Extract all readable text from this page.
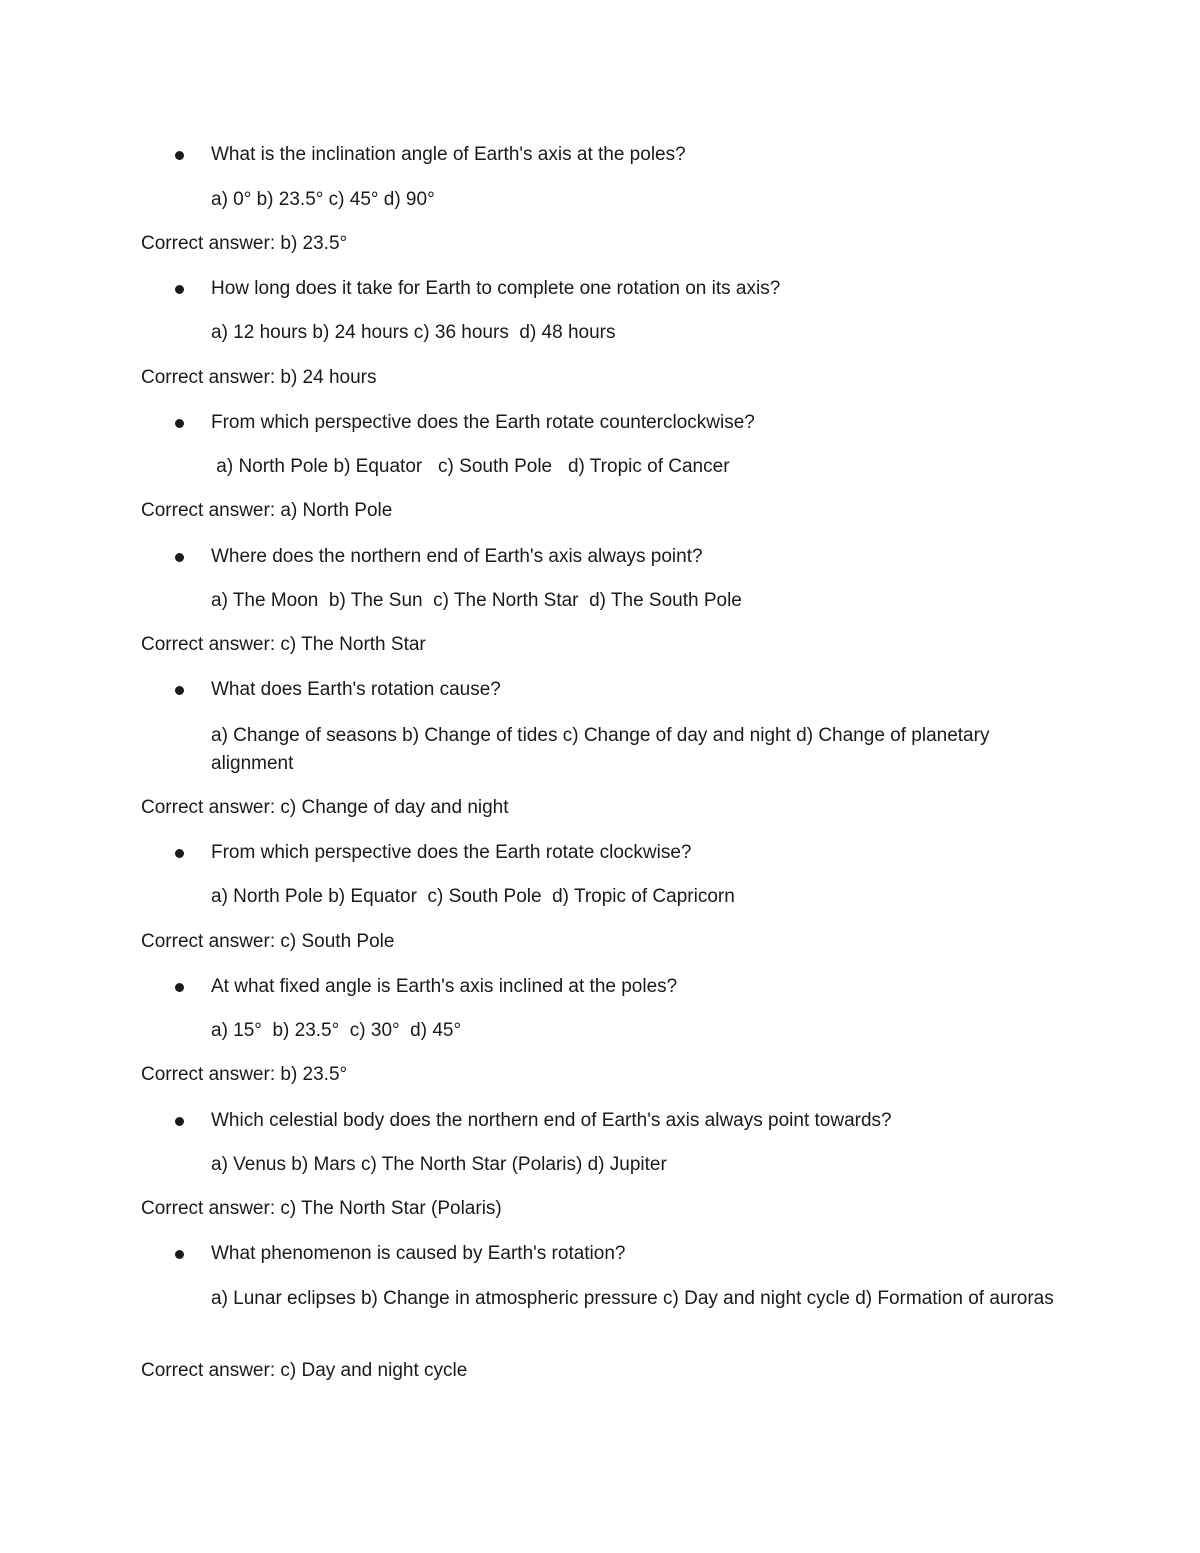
What is the inclination angle of Earth's axis at the poles?
a) 0° b) 23.5° c) 45° d) 90°
Correct answer: b) 23.5°
How long does it take for Earth to complete one rotation on its axis?
a) 12 hours b) 24 hours c) 36 hours  d) 48 hours
Correct answer: b) 24 hours
From which perspective does the Earth rotate counterclockwise?
a) North Pole b) Equator   c) South Pole   d) Tropic of Cancer
Correct answer: a) North Pole
Where does the northern end of Earth's axis always point?
a) The Moon  b) The Sun  c) The North Star  d) The South Pole
Correct answer: c) The North Star
What does Earth's rotation cause?
a) Change of seasons b) Change of tides c) Change of day and night d) Change of planetary alignment
Correct answer: c) Change of day and night
From which perspective does the Earth rotate clockwise?
a) North Pole b) Equator  c) South Pole  d) Tropic of Capricorn
Correct answer: c) South Pole
At what fixed angle is Earth's axis inclined at the poles?
a) 15°  b) 23.5°  c) 30°  d) 45°
Correct answer: b) 23.5°
Which celestial body does the northern end of Earth's axis always point towards?
a) Venus b) Mars c) The North Star (Polaris) d) Jupiter
Correct answer: c) The North Star (Polaris)
What phenomenon is caused by Earth's rotation?
a) Lunar eclipses b) Change in atmospheric pressure c) Day and night cycle d) Formation of auroras
Correct answer: c) Day and night cycle
